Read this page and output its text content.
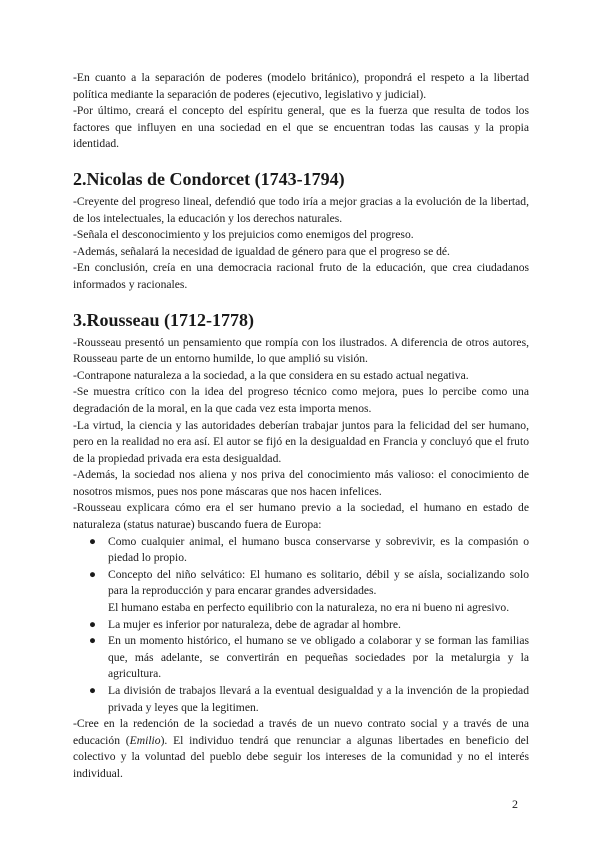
-En cuanto a la separación de poderes (modelo británico), propondrá el respeto a la libertad política mediante la separación de poderes (ejecutivo, legislativo y judicial).

-Por último, creará el concepto del espíritu general, que es la fuerza que resulta de todos los factores que influyen en una sociedad en el que se encuentran todas las causas y la propia identidad.

2.Nicolas de Condorcet (1743-1794)

-Creyente del progreso lineal, defendió que todo iría a mejor gracias a la evolución de la libertad, de los intelectuales, la educación y los derechos naturales.

-Señala el desconocimiento y los prejuicios como enemigos del progreso.

-Además, señalará la necesidad de igualdad de género para que el progreso se dé.

-En conclusión, creía en una democracia racional fruto de la educación, que crea ciudadanos informados y racionales.

3.Rousseau (1712-1778)

-Rousseau presentó un pensamiento que rompía con los ilustrados. A diferencia de otros autores, Rousseau parte de un entorno humilde, lo que amplió su visión.

-Contrapone naturaleza a la sociedad, a la que considera en su estado actual negativa.

-Se muestra crítico con la idea del progreso técnico como mejora, pues lo percibe como una degradación de la moral, en la que cada vez esta importa menos.

-La virtud, la ciencia y las autoridades deberían trabajar juntos para la felicidad del ser humano, pero en la realidad no era así. El autor se fijó en la desigualdad en Francia y concluyó que el fruto de la propiedad privada era esta desigualdad.

-Además, la sociedad nos aliena y nos priva del conocimiento más valioso: el conocimiento de nosotros mismos, pues nos pone máscaras que nos hacen infelices.

-Rousseau explicara cómo era el ser humano previo a la sociedad, el humano en estado de naturaleza (status naturae) buscando fuera de Europa:

● Como cualquier animal, el humano busca conservarse y sobrevivir, es la compasión o piedad lo propio.

● Concepto del niño selvático: El humano es solitario, débil y se aísla, socializando solo para la reproducción y para encarar grandes adversidades.

El humano estaba en perfecto equilibrio con la naturaleza, no era ni bueno ni agresivo.

● La mujer es inferior por naturaleza, debe de agradar al hombre.

● En un momento histórico, el humano se ve obligado a colaborar y se forman las familias que, más adelante, se convertirán en pequeñas sociedades por la metalurgia y la agricultura.

● La división de trabajos llevará a la eventual desigualdad y a la invención de la propiedad privada y leyes que la legitimen.

-Cree en la redención de la sociedad a través de un nuevo contrato social y a través de una educación (Emilio). El individuo tendrá que renunciar a algunas libertades en beneficio del colectivo y la voluntad del pueblo debe seguir los intereses de la comunidad y no el interés individual.

2
